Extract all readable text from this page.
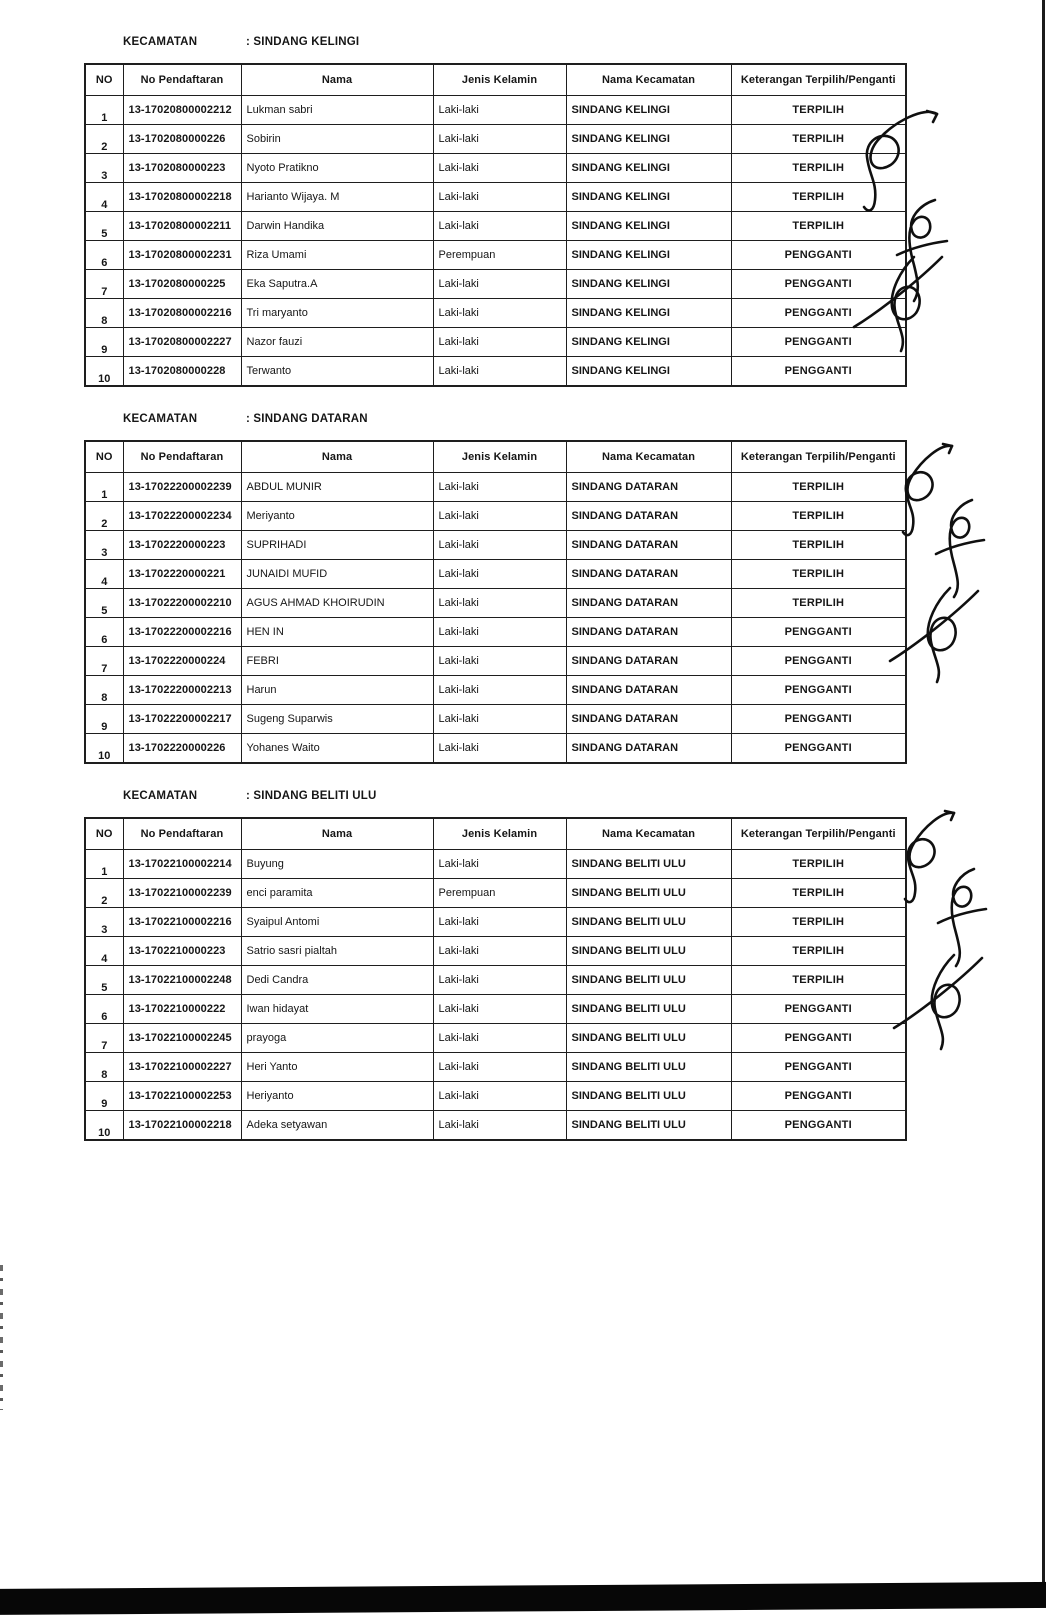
KECAMATAN	: SINDANG KELINGI
NO	No Pendaftaran	Nama	Jenis Kelamin	Nama Kecamatan	Keterangan Terpilih/Penganti
1	13-17020800002212	Lukman sabri	Laki-laki	SINDANG KELINGI	TERPILIH
2	13-1702080000226	Sobirin	Laki-laki	SINDANG KELINGI	TERPILIH
3	13-1702080000223	Nyoto Pratikno	Laki-laki	SINDANG KELINGI	TERPILIH
4	13-17020800002218	Harianto Wijaya. M	Laki-laki	SINDANG KELINGI	TERPILIH
5	13-17020800002211	Darwin Handika	Laki-laki	SINDANG KELINGI	TERPILIH
6	13-17020800002231	Riza Umami	Perempuan	SINDANG KELINGI	PENGGANTI
7	13-1702080000225	Eka Saputra.A	Laki-laki	SINDANG KELINGI	PENGGANTI
8	13-17020800002216	Tri maryanto	Laki-laki	SINDANG KELINGI	PENGGANTI
9	13-17020800002227	Nazor fauzi	Laki-laki	SINDANG KELINGI	PENGGANTI
10	13-1702080000228	Terwanto	Laki-laki	SINDANG KELINGI	PENGGANTI
KECAMATAN	: SINDANG DATARAN
NO	No Pendaftaran	Nama	Jenis Kelamin	Nama Kecamatan	Keterangan Terpilih/Penganti
1	13-17022200002239	ABDUL MUNIR	Laki-laki	SINDANG DATARAN	TERPILIH
2	13-17022200002234	Meriyanto	Laki-laki	SINDANG DATARAN	TERPILIH
3	13-1702220000223	SUPRIHADI	Laki-laki	SINDANG DATARAN	TERPILIH
4	13-1702220000221	JUNAIDI MUFID	Laki-laki	SINDANG DATARAN	TERPILIH
5	13-17022200002210	AGUS AHMAD KHOIRUDIN	Laki-laki	SINDANG DATARAN	TERPILIH
6	13-17022200002216	HEN IN	Laki-laki	SINDANG DATARAN	PENGGANTI
7	13-1702220000224	FEBRI	Laki-laki	SINDANG DATARAN	PENGGANTI
8	13-17022200002213	Harun	Laki-laki	SINDANG DATARAN	PENGGANTI
9	13-17022200002217	Sugeng Suparwis	Laki-laki	SINDANG DATARAN	PENGGANTI
10	13-1702220000226	Yohanes Waito	Laki-laki	SINDANG DATARAN	PENGGANTI
KECAMATAN	: SINDANG BELITI ULU
NO	No Pendaftaran	Nama	Jenis Kelamin	Nama Kecamatan	Keterangan Terpilih/Penganti
1	13-17022100002214	Buyung	Laki-laki	SINDANG BELITI ULU	TERPILIH
2	13-17022100002239	enci paramita	Perempuan	SINDANG BELITI ULU	TERPILIH
3	13-17022100002216	Syaipul Antomi	Laki-laki	SINDANG BELITI ULU	TERPILIH
4	13-1702210000223	Satrio sasri pialtah	Laki-laki	SINDANG BELITI ULU	TERPILIH
5	13-17022100002248	Dedi Candra	Laki-laki	SINDANG BELITI ULU	TERPILIH
6	13-1702210000222	Iwan hidayat	Laki-laki	SINDANG BELITI ULU	PENGGANTI
7	13-17022100002245	prayoga	Laki-laki	SINDANG BELITI ULU	PENGGANTI
8	13-17022100002227	Heri Yanto	Laki-laki	SINDANG BELITI ULU	PENGGANTI
9	13-17022100002253	Heriyanto	Laki-laki	SINDANG BELITI ULU	PENGGANTI
10	13-17022100002218	Adeka setyawan	Laki-laki	SINDANG BELITI ULU	PENGGANTI
